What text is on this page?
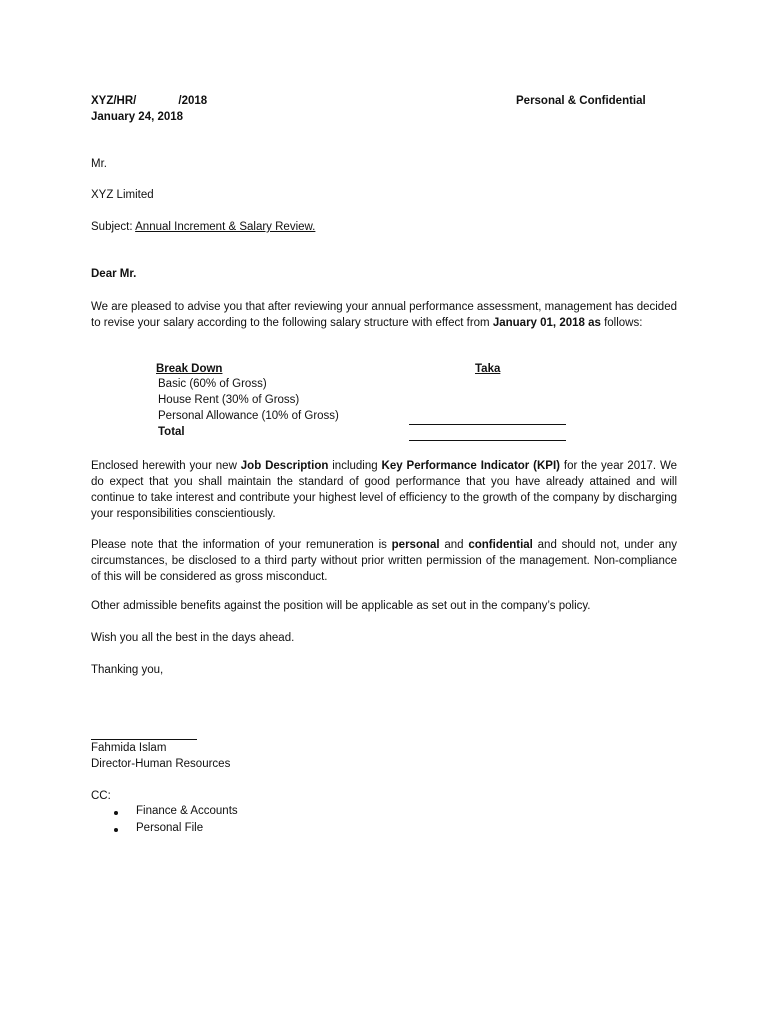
XYZ/HR/	/2018	Personal & Confidential
January 24, 2018
Mr.
XYZ Limited
Subject: Annual Increment & Salary Review.
Dear Mr.
We are pleased to advise you that after reviewing your annual performance assessment, management has decided to revise your salary according to the following salary structure with effect from January 01, 2018 as follows:
Break Down	Taka
Basic (60% of Gross)
House Rent (30% of Gross)
Personal Allowance (10% of Gross)
Total
Enclosed herewith your new Job Description including Key Performance Indicator (KPI) for the year 2017. We do expect that you shall maintain the standard of good performance that you have already attained and will continue to take interest and contribute your highest level of efficiency to the growth of the company by discharging your responsibilities conscientiously.
Please note that the information of your remuneration is personal and confidential and should not, under any circumstances, be disclosed to a third party without prior written permission of the management. Non-compliance of this will be considered as gross misconduct.
Other admissible benefits against the position will be applicable as set out in the company’s policy.
Wish you all the best in the days ahead.
Thanking you,
Fahmida Islam
Director-Human Resources
CC:
Finance & Accounts
Personal File
